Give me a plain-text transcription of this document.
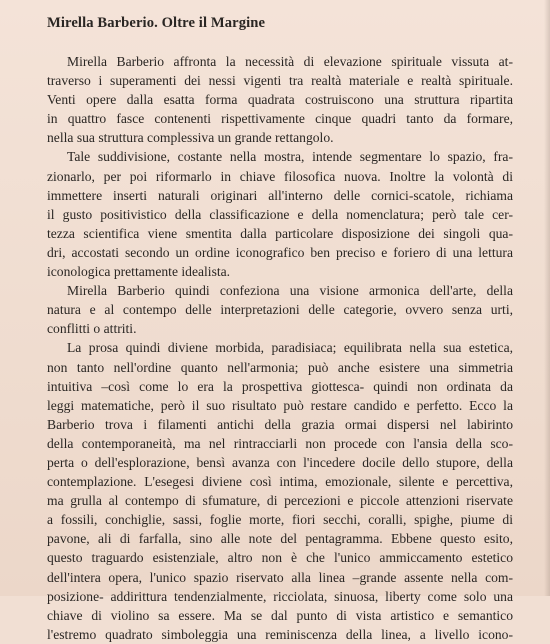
Mirella Barberio. Oltre il Margine
Mirella Barberio affronta la necessità di elevazione spirituale vissuta at-
traverso i superamenti dei nessi vigenti tra realtà materiale e realtà spirituale.
Venti opere dalla esatta forma quadrata costruiscono una struttura ripartita
in quattro fasce contenenti rispettivamente cinque quadri tanto da formare,
nella sua struttura complessiva un grande rettangolo.
Tale suddivisione, costante nella mostra, intende segmentare lo spazio, fra-
zionarlo, per poi riformarlo in chiave filosofica nuova. Inoltre la volontà di
immettere inserti naturali originari all'interno delle cornici-scatole, richiama
il gusto positivistico della classificazione e della nomenclatura; però tale cer-
tezza scientifica viene smentita dalla particolare disposizione dei singoli qua-
dri, accostati secondo un ordine iconografico ben preciso e foriero di una lettura
iconologica prettamente idealista.
Mirella Barberio quindi confeziona una visione armonica dell'arte, della
natura e al contempo delle interpretazioni delle categorie, ovvero senza urti,
conflitti o attriti.
La prosa quindi diviene morbida, paradisiaca; equilibrata nella sua estetica,
non tanto nell'ordine quanto nell'armonia; può anche esistere una simmetria
intuitiva –così come lo era la prospettiva giottesca- quindi non ordinata da
leggi matematiche, però il suo risultato può restare candido e perfetto. Ecco la
Barberio trova i filamenti antichi della grazia ormai dispersi nel labirinto
della contemporaneità, ma nel rintracciarli non procede con l'ansia della sco-
perta o dell'esplorazione, bensì avanza con l'incedere docile dello stupore, della
contemplazione. L'esegesi diviene così intima, emozionale, silente e percettiva,
ma grulla al contempo di sfumature, di percezioni e piccole attenzioni riservate
a fossili, conchiglie, sassi, foglie morte, fiori secchi, coralli, spighe, piume di
pavone, ali di farfalla, sino alle note del pentagramma. Ebbene questo esito,
questo traguardo esistenziale, altro non è che l'unico ammiccamento estetico
dell'intera opera, l'unico spazio riservato alla linea –grande assente nella com-
posizione- addirittura tendenzialmente, ricciolata, sinuosa, liberty come solo una
chiave di violino sa essere. Ma se dal punto di vista artistico e semantico
l'estremo quadrato simboleggia una reminiscenza della linea, a livello icono-
